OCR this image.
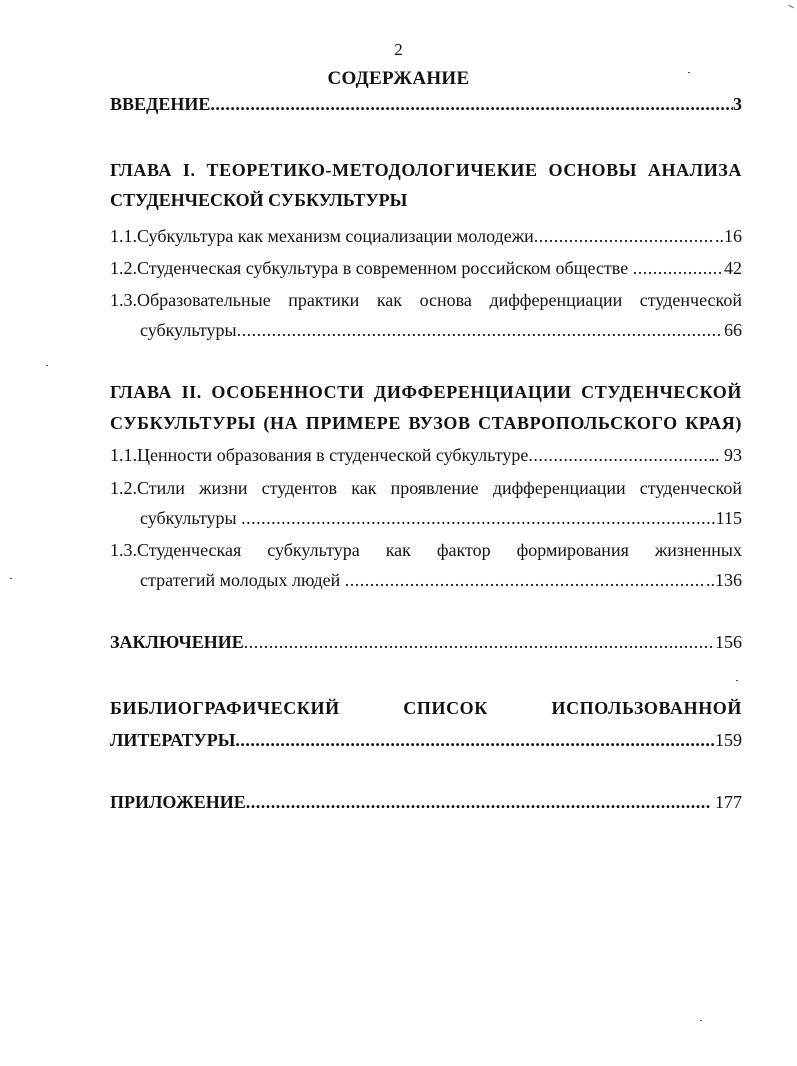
2
СОДЕРЖАНИЕ
ВВЕДЕНИЕ .....	3
ГЛАВА I. ТЕОРЕТИКО-МЕТОДОЛОГИЧЕКИЕ ОСНОВЫ АНАЛИЗА
СТУДЕНЧЕСКОЙ СУБКУЛЬТУРЫ
1.1.Субкультура как механизм социализации молодежи .....	..16
1.2.Студенческая субкультура в современном российском обществе .....	42
1.3.Образовательные практики как основа дифференциации студенческой
субкультуры .....	66
ГЛАВА II. ОСОБЕННОСТИ ДИФФЕРЕНЦИАЦИИ СТУДЕНЧЕСКОЙ
СУБКУЛЬТУРЫ (НА ПРИМЕРЕ ВУЗОВ СТАВРОПОЛЬСКОГО КРАЯ)
1.1.Ценности образования в студенческой субкультуре .....	.. 93
1.2.Стили жизни студентов как проявление дифференциации студенческой
субкультуры .....	.115
1.3.Студенческая субкультура как фактор формирования жизненных
стратегий молодых людей .....	..136
ЗАКЛЮЧЕНИЕ .....	156
БИБЛИОГРАФИЧЕСКИЙ СПИСОК ИСПОЛЬЗОВАННОЙ
ЛИТЕРАТУРЫ .....	159
ПРИЛОЖЕНИЕ .....	177
